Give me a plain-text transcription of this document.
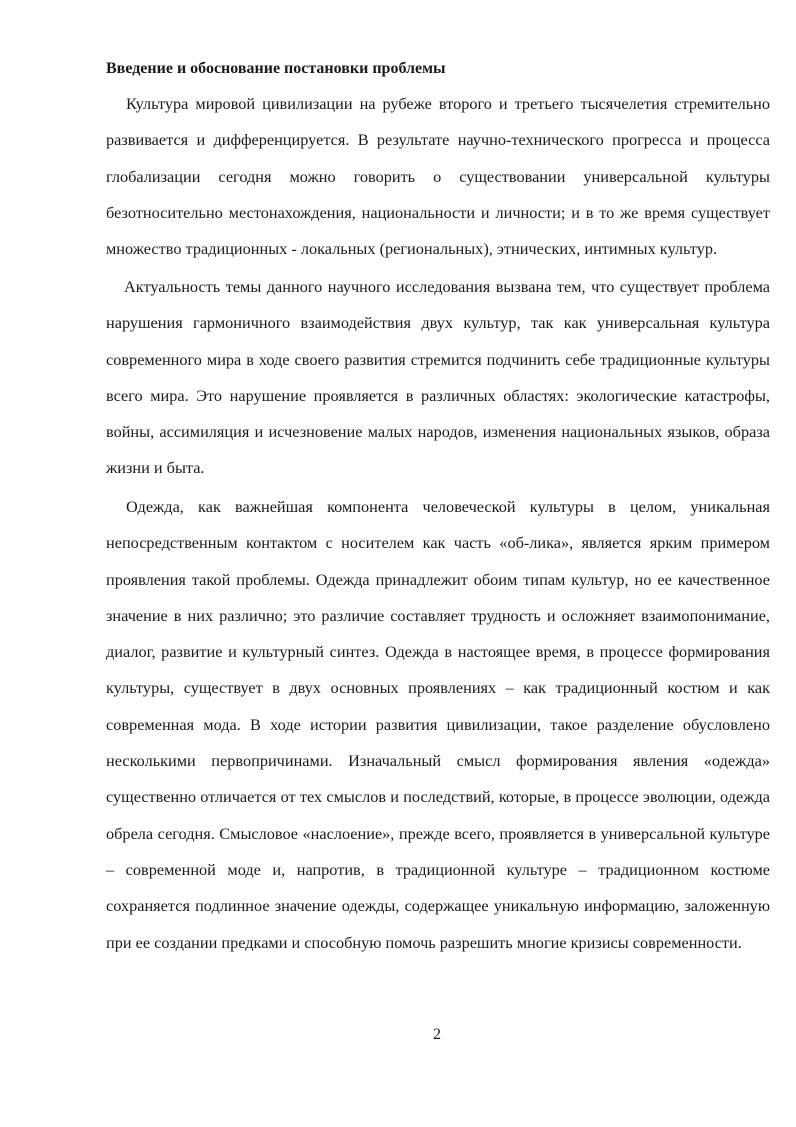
Введение и обоснование постановки проблемы

Культура мировой цивилизации на рубеже второго и третьего тысячелетия стремительно развивается и дифференцируется. В результате научно-технического прогресса и процесса глобализации сегодня можно говорить о существовании универсальной культуры безотносительно местонахождения, национальности и личности; и в то же время существует множество традиционных - локальных (региональных), этнических, интимных культур.

Актуальность темы данного научного исследования вызвана тем, что существует проблема нарушения гармоничного взаимодействия двух культур, так как универсальная культура современного мира в ходе своего развития стремится подчинить себе традиционные культуры всего мира. Это нарушение проявляется в различных областях: экологические катастрофы, войны, ассимиляция и исчезновение малых народов, изменения национальных языков, образа жизни и быта.

Одежда, как важнейшая компонента человеческой культуры в целом, уникальная непосредственным контактом с носителем как часть «об-лика», является ярким примером проявления такой проблемы. Одежда принадлежит обоим типам культур, но ее качественное значение в них различно; это различие составляет трудность и осложняет взаимопонимание, диалог, развитие и культурный синтез. Одежда в настоящее время, в процессе формирования культуры, существует в двух основных проявлениях – как традиционный костюм и как современная мода. В ходе истории развития цивилизации, такое разделение обусловлено несколькими первопричинами. Изначальный смысл формирования явления «одежда» существенно отличается от тех смыслов и последствий, которые, в процессе эволюции, одежда обрела сегодня. Смысловое «наслоение», прежде всего, проявляется в универсальной культуре – современной моде и, напротив, в традиционной культуре – традиционном костюме сохраняется подлинное значение одежды, содержащее уникальную информацию, заложенную при ее создании предками и способную помочь разрешить многие кризисы современности.

2
